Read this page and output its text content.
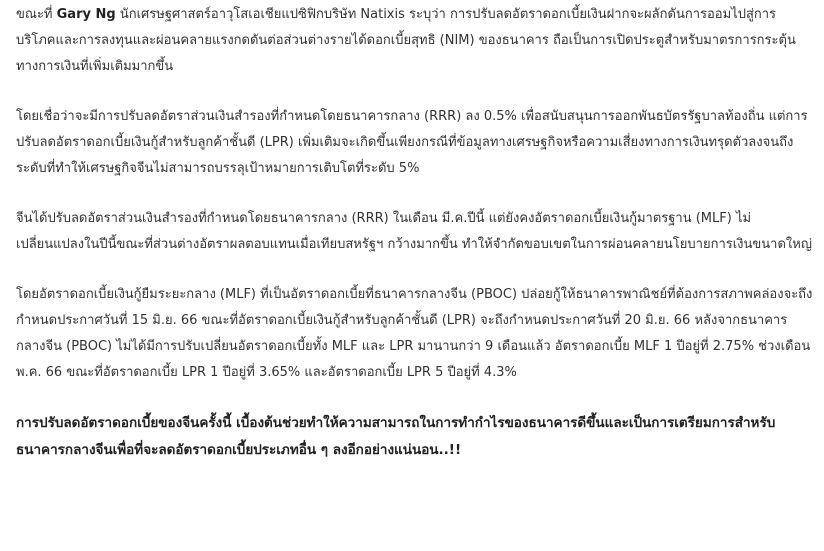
ขณะที่ Gary Ng นักเศรษฐศาสตร์อาวุโสเอเชียแปซิฟิกบริษัท Natixis ระบุว่า การปรับลดอัตราดอกเบี้ยเงินฝากจะผลักดันการออมไปสู่การบริโภคและการลงทุนและผ่อนคลายแรงกดดันต่อส่วนต่างรายได้ดอกเบี้ยสุทธิ (NIM) ของธนาคาร ถือเป็นการเปิดประตูสำหรับมาตรการกระตุ้นทางการเงินที่เพิ่มเติมมากขึ้น

โดยเชื่อว่าจะมีการปรับลดอัตราส่วนเงินสำรองที่กำหนดโดยธนาคารกลาง (RRR) ลง 0.5% เพื่อสนับสนุนการออกพันธบัตรรัฐบาลท้องถิ่น แต่การปรับลดอัตราดอกเบี้ยเงินกู้สำหรับลูกค้าชั้นดี (LPR) เพิ่มเติมจะเกิดขึ้นเพียงกรณีที่ข้อมูลทางเศรษฐกิจหรือความเสี่ยงทางการเงินทรุดตัวลงจนถึงระดับที่ทำให้เศรษฐกิจจีนไม่สามารถบรรลุเป้าหมายการเติบโตที่ระดับ 5%

จีนได้ปรับลดอัตราส่วนเงินสำรองที่กำหนดโดยธนาคารกลาง (RRR) ในเดือน มี.ค.ปีนี้ แต่ยังคงอัตราดอกเบี้ยเงินกู้มาตรฐาน (MLF) ไม่เปลี่ยนแปลงในปีนี้ขณะที่ส่วนต่างอัตราผลตอบแทนเมื่อเทียบสหรัฐฯ กว้างมากขึ้น ทำให้จำกัดขอบเขตในการผ่อนคลายนโยบายการเงินขนาดใหญ่

โดยอัตราดอกเบี้ยเงินกู้ยืมระยะกลาง (MLF) ที่เป็นอัตราดอกเบี้ยที่ธนาคารกลางจีน (PBOC) ปล่อยกู้ให้ธนาคารพาณิชย์ที่ต้องการสภาพคล่องจะถึงกำหนดประกาศวันที่ 15 มิ.ย. 66 ขณะที่อัตราดอกเบี้ยเงินกู้สำหรับลูกค้าชั้นดี (LPR) จะถึงกำหนดประกาศวันที่ 20 มิ.ย. 66 หลังจากธนาคารกลางจีน (PBOC) ไม่ได้มีการปรับเปลี่ยนอัตราดอกเบี้ยทั้ง MLF และ LPR มานานกว่า 9 เดือนแล้ว อัตราดอกเบี้ย MLF 1 ปีอยู่ที่ 2.75% ช่วงเดือน พ.ค. 66 ขณะที่อัตราดอกเบี้ย LPR 1 ปีอยู่ที่ 3.65% และอัตราดอกเบี้ย LPR 5 ปีอยู่ที่ 4.3%

การปรับลดอัตราดอกเบี้ยของจีนครั้งนี้ เบื้องต้นช่วยทำให้ความสามารถในการทำกำไรของธนาคารดีขึ้นและเป็นการเตรียมการสำหรับธนาคารกลางจีนเพื่อที่จะลดอัตราดอกเบี้ยประเภทอื่น ๆ ลงอีกอย่างแน่นอน..!!
